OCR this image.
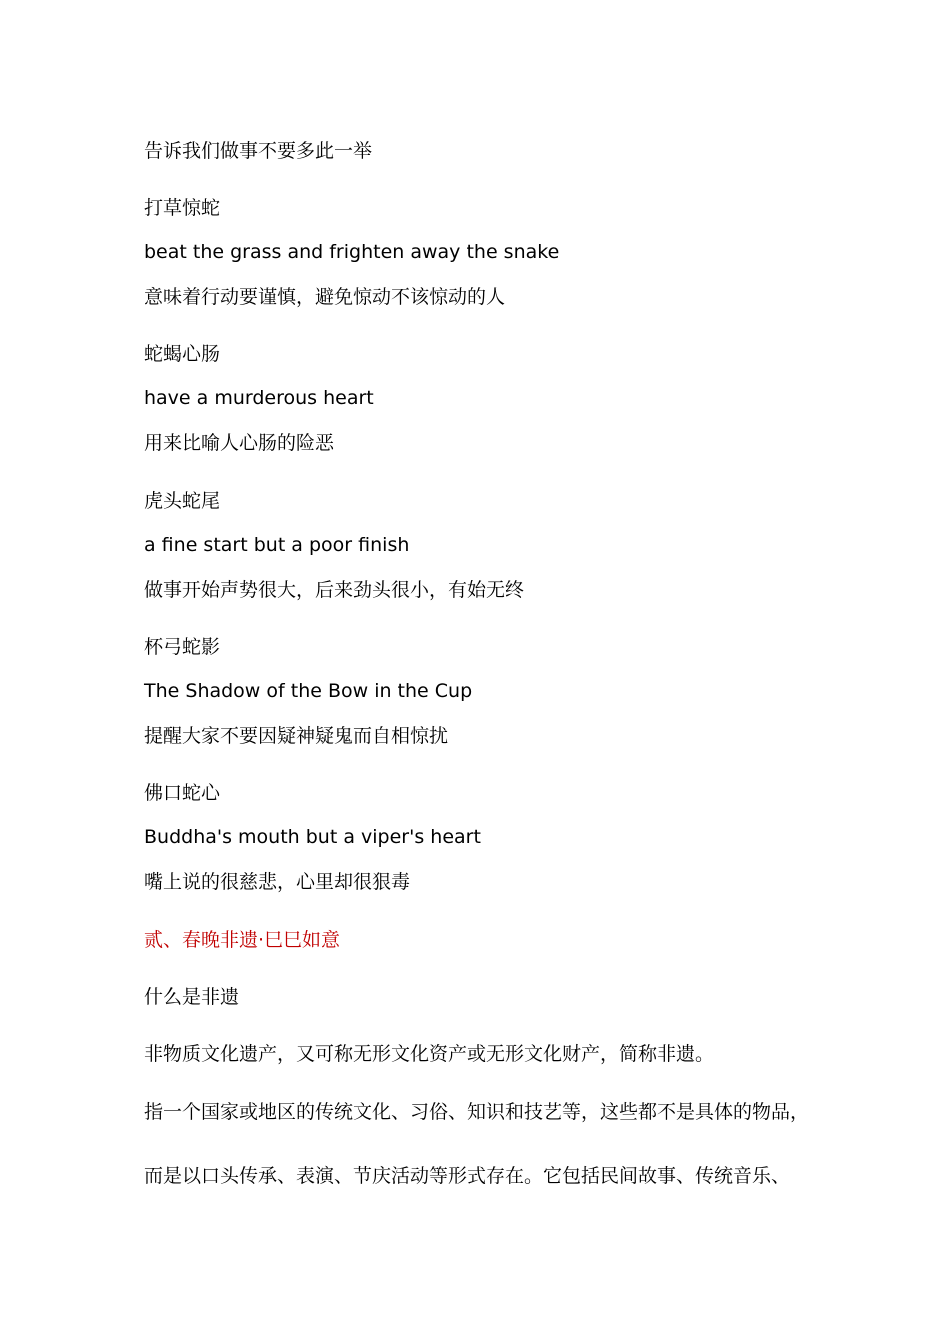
告诉我们做事不要多此一举
打草惊蛇
beat the grass and frighten away the snake
意味着行动要谨慎，避免惊动不该惊动的人
蛇蝎心肠
have a murderous heart
用来比喻人心肠的险恶
虎头蛇尾
a fine start but a poor finish
做事开始声势很大，后来劲头很小，有始无终
杯弓蛇影
The Shadow of the Bow in the Cup
提醒大家不要因疑神疑鬼而自相惊扰
佛口蛇心
Buddha's mouth but a viper's heart
嘴上说的很慈悲，心里却很狠毒
贰、春晚非遗·巳巳如意
什么是非遗
非物质文化遗产，又可称无形文化资产或无形文化财产，简称非遗。
指一个国家或地区的传统文化、习俗、知识和技艺等，这些都不是具体的物品，
而是以口头传承、表演、节庆活动等形式存在。它包括民间故事、传统音乐、
